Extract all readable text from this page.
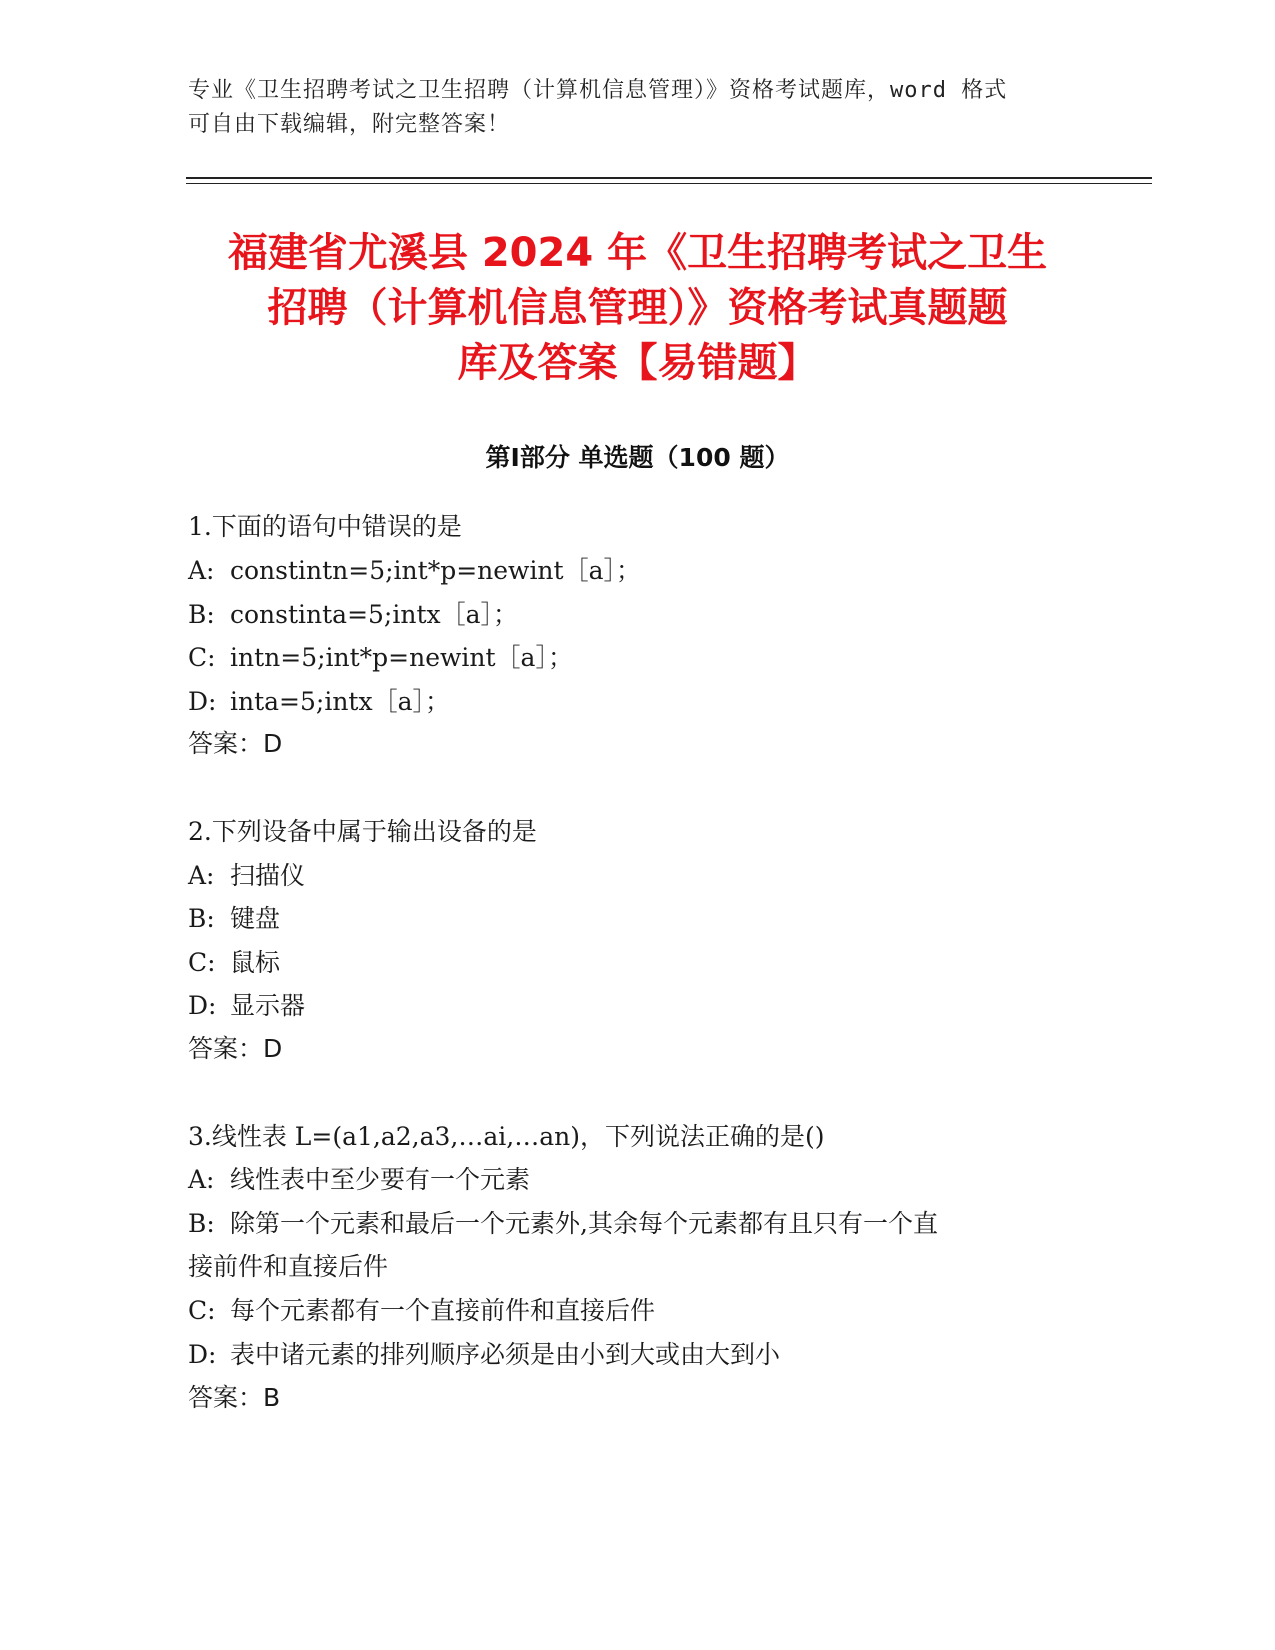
专业《卫生招聘考试之卫生招聘（计算机信息管理）》资格考试题库，word 格式
可自由下载编辑，附完整答案！
福建省尤溪县 2024 年《卫生招聘考试之卫生
招聘（计算机信息管理）》资格考试真题题
库及答案【易错题】
第Ⅰ部分 单选题（100 题）
1.下面的语句中错误的是
A: constintn=5;int*p=newint［a］；
B: constinta=5;intx［a］；
C: intn=5;int*p=newint［a］；
D: inta=5;intx［a］；
答案：D
2.下列设备中属于输出设备的是
A: 扫描仪
B: 键盘
C: 鼠标
D: 显示器
答案：D
3.线性表 L=(a1,a2,a3,…ai,…an)，下列说法正确的是()
A: 线性表中至少要有一个元素
B: 除第一个元素和最后一个元素外,其余每个元素都有且只有一个直
接前件和直接后件
C: 每个元素都有一个直接前件和直接后件
D: 表中诸元素的排列顺序必须是由小到大或由大到小
答案：B
